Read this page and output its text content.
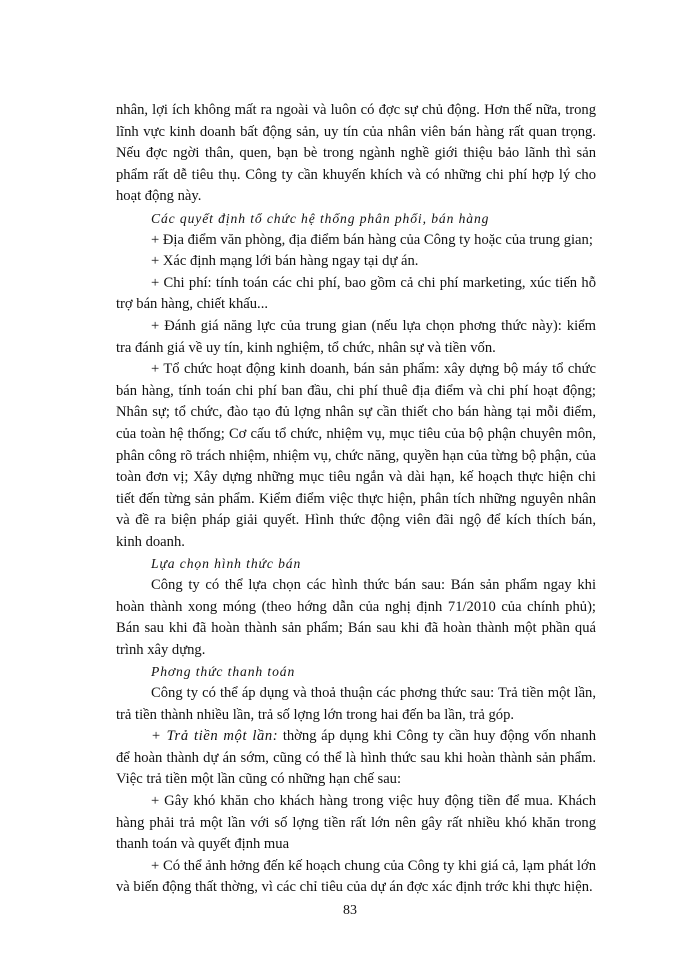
nhân, lợi ích không mất ra ngoài và luôn có đợc sự chủ động. Hơn thế nữa, trong lĩnh vực kinh doanh bất động sản, uy tín của nhân viên bán hàng rất quan trọng. Nếu đợc ngời thân, quen, bạn bè trong ngành nghề giới thiệu bảo lãnh thì sản phẩm rất dễ tiêu thụ. Công ty cần khuyến khích và có những chi phí hợp lý cho hoạt động này.

Các quyết định tổ chức hệ thống phân phối, bán hàng

+ Địa điểm văn phòng, địa điểm bán hàng của Công ty hoặc của trung gian;

+ Xác định mạng lới bán hàng ngay tại dự án.

+ Chi phí: tính toán các chi phí, bao gồm cả chi phí marketing, xúc tiến hỗ trợ bán hàng, chiết khấu...

+ Đánh giá năng lực của trung gian (nếu lựa chọn phơng thức này): kiểm tra đánh giá về uy tín, kinh nghiệm, tổ chức, nhân sự và tiền vốn.

+ Tổ chức hoạt động kinh doanh, bán sản phẩm: xây dựng bộ máy tổ chức bán hàng, tính toán chi phí ban đầu, chi phí thuê địa điểm và chi phí hoạt động; Nhân sự; tổ chức, đào tạo đủ lợng nhân sự cần thiết cho bán hàng tại mỗi điểm, của toàn hệ thống; Cơ cấu tổ chức, nhiệm vụ, mục tiêu của bộ phận chuyên môn, phân công rõ trách nhiệm, nhiệm vụ, chức năng, quyền hạn của từng bộ phận, của toàn đơn vị; Xây dựng những mục tiêu ngắn và dài hạn, kế hoạch thực hiện chi tiết đến từng sản phẩm. Kiểm điểm việc thực hiện, phân tích những nguyên nhân và đề ra biện pháp giải quyết. Hình thức động viên đãi ngộ để kích thích bán, kinh doanh.

Lựa chọn hình thức bán

Công ty có thể lựa chọn các hình thức bán sau: Bán sản phẩm ngay khi hoàn thành xong móng (theo hớng dẫn của nghị định 71/2010 của chính phủ); Bán sau khi đã hoàn thành sản phẩm; Bán sau khi đã hoàn thành một phần quá trình xây dựng.

Phơng thức thanh toán

Công ty có thể áp dụng và thoả thuận các phơng thức sau: Trả tiền một lần, trả tiền thành nhiều lần, trả số lợng lớn trong hai đến ba lần, trả góp.

+ Trả tiền một lần: thờng áp dụng khi Công ty cần huy động vốn nhanh để hoàn thành dự án sớm, cũng có thể là hình thức sau khi hoàn thành sản phẩm. Việc trả tiền một lần cũng có những hạn chế sau:

+ Gây khó khăn cho khách hàng trong việc huy động tiền để mua. Khách hàng phải trả một lần với số lợng tiền rất lớn nên gây rất nhiều khó khăn trong thanh toán và quyết định mua

+ Có thể ảnh hởng đến kế hoạch chung của Công ty khi giá cả, lạm phát lớn và biến động thất thờng, vì các chỉ tiêu của dự án đợc xác định trớc khi thực hiện.

83
